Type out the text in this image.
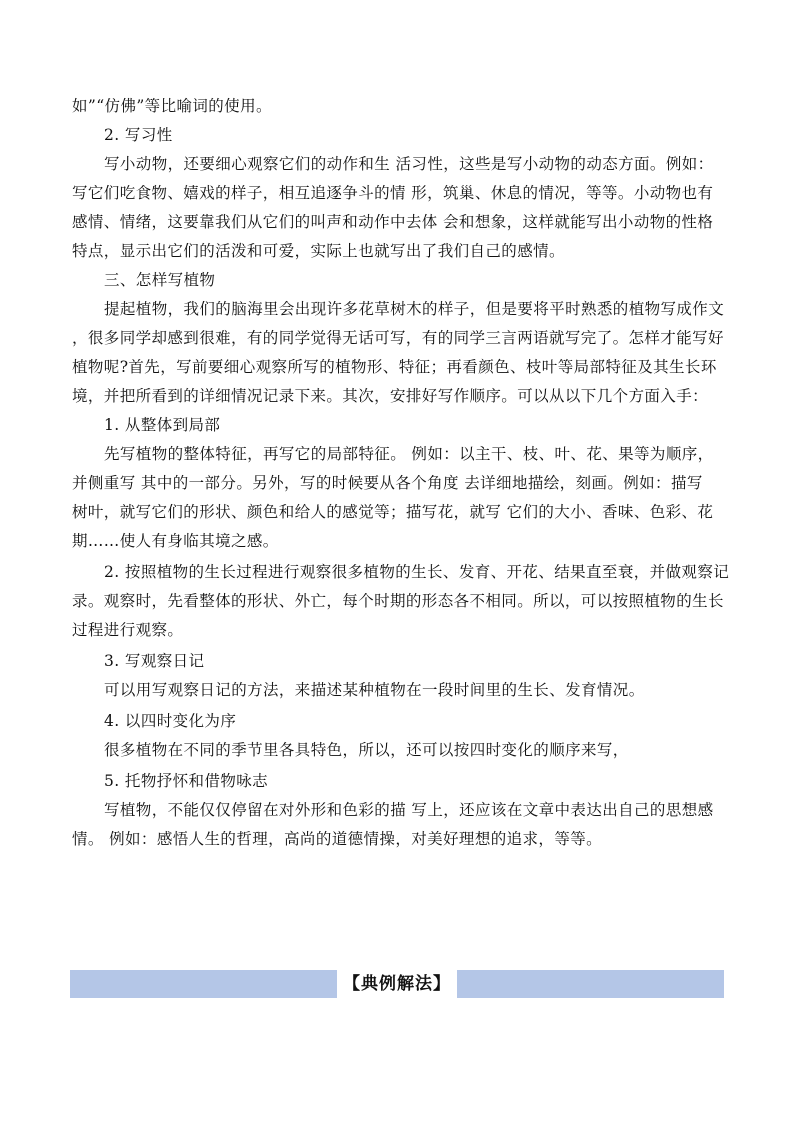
如”“仿佛”等比喻词的使用。
2. 写习性
写小动物，还要细心观察它们的动作和生 活习性，这些是写小动物的动态方面。例如：
写它们吃食物、嬉戏的样子，相互追逐争斗的情 形，筑巢、休息的情况，等等。小动物也有
感情、情绪，这要靠我们从它们的叫声和动作中去体 会和想象，这样就能写出小动物的性格
特点，显示出它们的活泼和可爱，实际上也就写出了我们自己的感情。
三、怎样写植物
提起植物，我们的脑海里会出现许多花草树木的样子，但是要将平时熟悉的植物写成作文
，很多同学却感到很难，有的同学觉得无话可写，有的同学三言两语就写完了。怎样才能写好
植物呢?首先，写前要细心观察所写的植物形、特征；再看颜色、枝叶等局部特征及其生长环
境，并把所看到的详细情况记录下来。其次，安排好写作顺序。可以从以下几个方面入手：
1. 从整体到局部
先写植物的整体特征，再写它的局部特征。 例如：以主干、枝、叶、花、果等为顺序，
并侧重写 其中的一部分。另外，写的时候要从各个角度 去详细地描绘，刻画。例如：描写
树叶，就写它们的形状、颜色和给人的感觉等；描写花，就写 它们的大小、香味、色彩、花
期……使人有身临其境之感。
2. 按照植物的生长过程进行观察很多植物的生长、发育、开花、结果直至衰，并做观察记
录。观察时，先看整体的形状、外亡，每个时期的形态各不相同。所以，可以按照植物的生长
过程进行观察。
3. 写观察日记
可以用写观察日记的方法，来描述某种植物在一段时间里的生长、发育情况。
4. 以四时变化为序
很多植物在不同的季节里各具特色，所以，还可以按四时变化的顺序来写，
5. 托物抒怀和借物咏志
写植物，不能仅仅停留在对外形和色彩的描 写上，还应该在文章中表达出自己的思想感
情。 例如：感悟人生的哲理，高尚的道德情操，对美好理想的追求，等等。
【典例解法】
